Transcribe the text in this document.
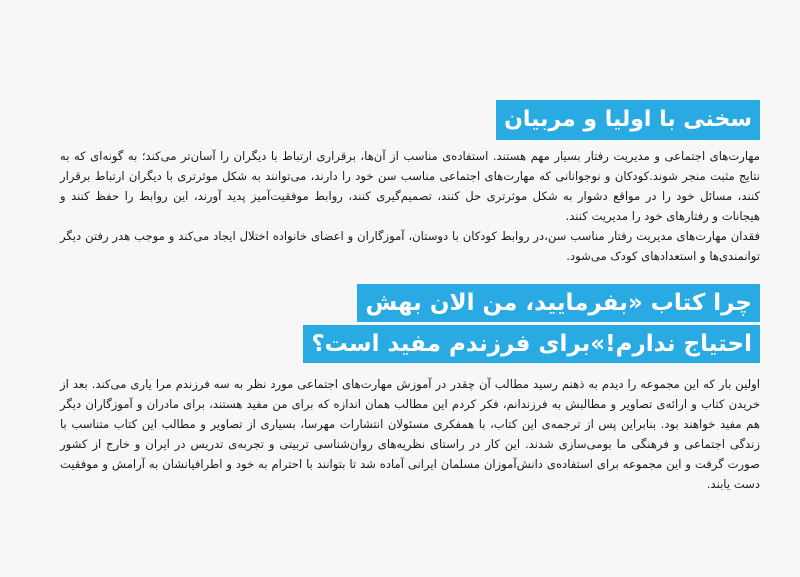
سخنی با اولیا و مربیان

مهارت‌های اجتماعی و مدیریت رفتار بسیار مهم هستند. استفاده‌ی مناسب از آن‌ها، برقراری ارتباط با دیگران را آسان‌تر می‌کند؛ به گونه‌ای که به نتایج مثبت منجر شوند.کودکان و نوجوانانی که مهارت‌های اجتماعی مناسب سن خود را دارند، می‌توانند به شکل موثرتری با دیگران ارتباط برقرار کنند، مسائل خود را در مواقع دشوار به شکل موثرتری حل کنند، تصمیم‌گیری کنند، روابط موفقیت‌آمیز پدید آورند، این روابط را حفظ کنند و هیجانات و رفتارهای خود را مدیریت کنند.

فقدان مهارت‌های مدیریت رفتار مناسب سن،در روابط کودکان با دوستان، آموزگاران و اعضای خانواده اختلال ایجاد می‌کند و موجب هدر رفتن دیگر توانمندی‌ها و استعدادهای کودک می‌شود.

چرا کتاب «بفرمایید، من الان بهش
احتیاج ندارم!»برای فرزندم مفید است؟

اولین بار که این مجموعه را دیدم به ذهنم رسید مطالب آن چقدر در آموزش مهارت‌های اجتماعی مورد نظر به سه فرزندم مرا یاری می‌کند. بعد از خریدن کتاب و ارائه‌ی تصاویر و مطالبش به فرزندانم، فکر کردم این مطالب همان اندازه که برای من مفید هستند، برای مادران و آموزگاران دیگر هم مفید خواهند بود. بنابراین پس از ترجمه‌ی این کتاب، با همفکری مسئولان انتشارات مهرسا، بسیاری از تصاویر و مطالب این کتاب متناسب با زندگی اجتماعی و فرهنگی ما بومی‌سازی شدند. این کار در راستای نظریه‌های روان‌شناسی تربیتی و تجربه‌ی تدریس در ایران و خارج از کشور صورت گرفت و این مجموعه برای استفاده‌ی دانش‌آموزان مسلمان ایرانی آماده شد تا بتوانند با احترام به خود و اطرافیانشان به آرامش و موفقیت دست یابند.
